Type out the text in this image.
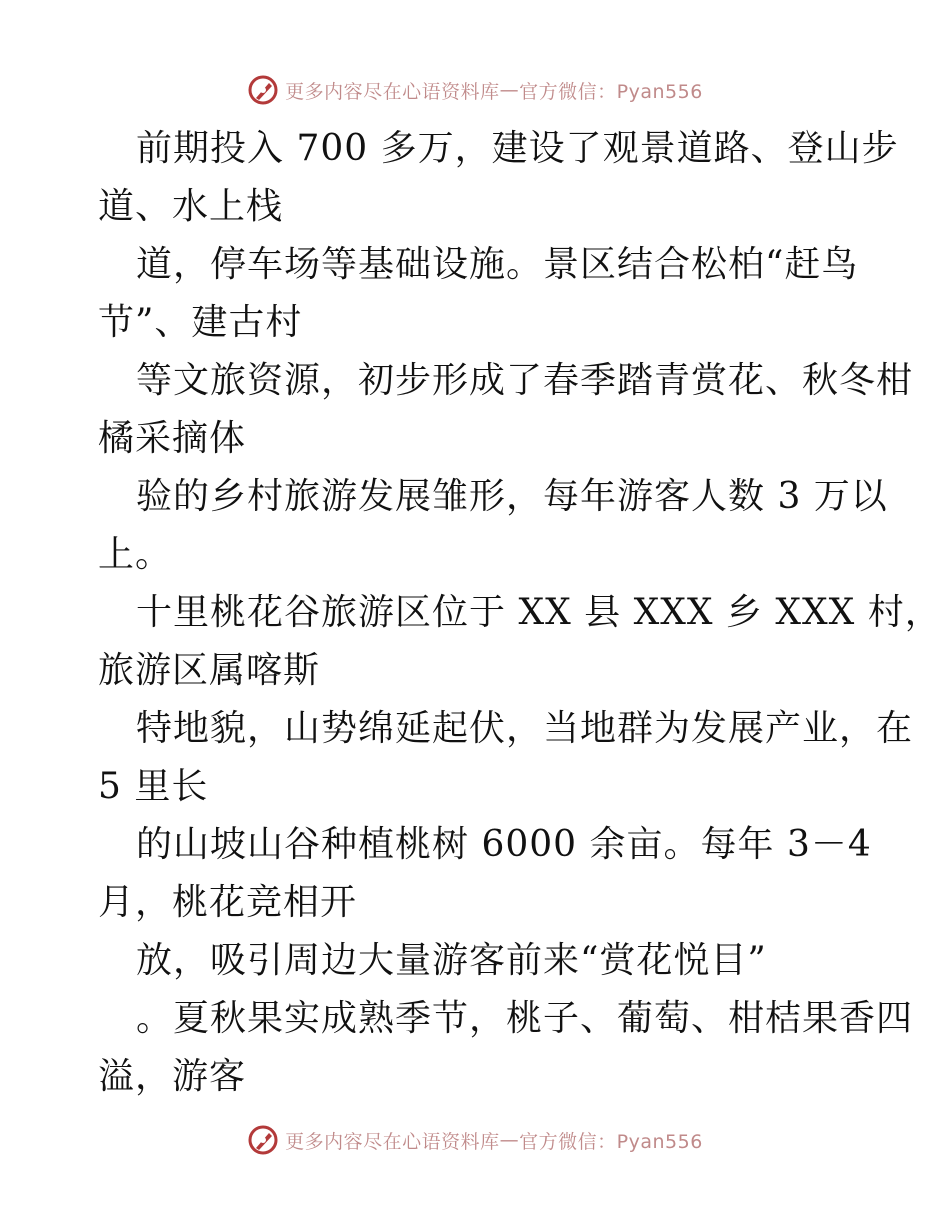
更多内容尽在心语资料库 — 官方微信：Pyan556
前期投入 700 多万，建设了观景道路、登山步
道、水上栈
道，停车场等基础设施。景区结合松柏“赶鸟
节”、建古村
等文旅资源，初步形成了春季踏青赏花、秋冬柑
橘采摘体
验的乡村旅游发展雏形，每年游客人数 3 万以
上。
十里桃花谷旅游区位于 XX 县 XXX 乡 XXX 村，
旅游区属喀斯
特地貌，山势绵延起伏，当地群为发展产业，在
5 里长
的山坡山谷种植桃树 6000 余亩。每年 3－4
月，桃花竞相开
放，吸引周边大量游客前来“赏花悦目”
。夏秋果实成熟季节，桃子、葡萄、柑桔果香四
溢，游客
更多内容尽在心语资料库 — 官方微信：Pyan556
